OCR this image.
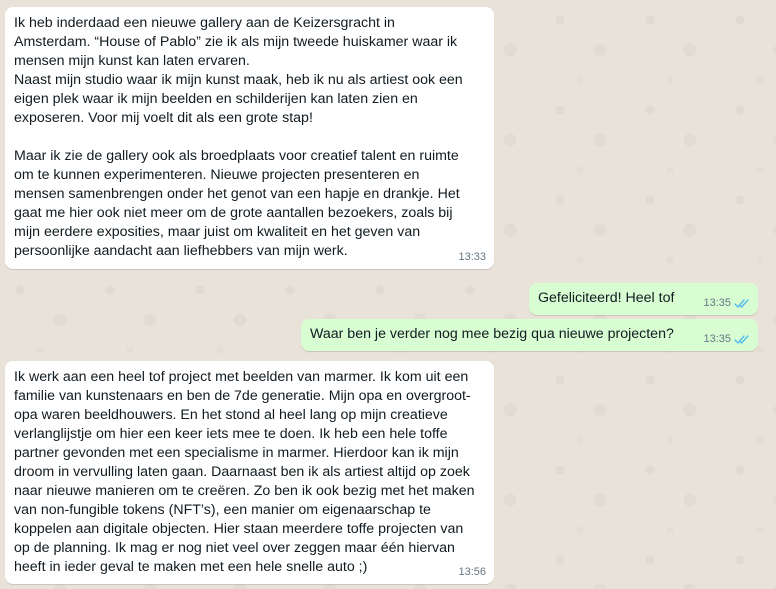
Ik heb inderdaad een nieuwe gallery aan de Keizersgracht in
Amsterdam. “House of Pablo” zie ik als mijn tweede huiskamer waar ik
mensen mijn kunst kan laten ervaren.
Naast mijn studio waar ik mijn kunst maak, heb ik nu als artiest ook een
eigen plek waar ik mijn beelden en schilderijen kan laten zien en
exposeren. Voor mij voelt dit als een grote stap!

Maar ik zie de gallery ook als broedplaats voor creatief talent en ruimte
om te kunnen experimenteren. Nieuwe projecten presenteren en
mensen samenbrengen onder het genot van een hapje en drankje. Het
gaat me hier ook niet meer om de grote aantallen bezoekers, zoals bij
mijn eerdere exposities, maar juist om kwaliteit en het geven van
persoonlijke aandacht aan liefhebbers van mijn werk.	13:33
Gefeliciteerd! Heel tof	13:35
Waar ben je verder nog mee bezig qua nieuwe projecten?	13:35
Ik werk aan een heel tof project met beelden van marmer. Ik kom uit een
familie van kunstenaars en ben de 7de generatie. Mijn opa en overgroot-
opa waren beeldhouwers. En het stond al heel lang op mijn creatieve
verlanglijstje om hier een keer iets mee te doen. Ik heb een hele toffe
partner gevonden met een specialisme in marmer. Hierdoor kan ik mijn
droom in vervulling laten gaan. Daarnaast ben ik als artiest altijd op zoek
naar nieuwe manieren om te creëren. Zo ben ik ook bezig met het maken
van non-fungible tokens (NFT’s), een manier om eigenaarschap te
koppelen aan digitale objecten. Hier staan meerdere toffe projecten van
op de planning. Ik mag er nog niet veel over zeggen maar één hiervan
heeft in ieder geval te maken met een hele snelle auto ;)	13:56
